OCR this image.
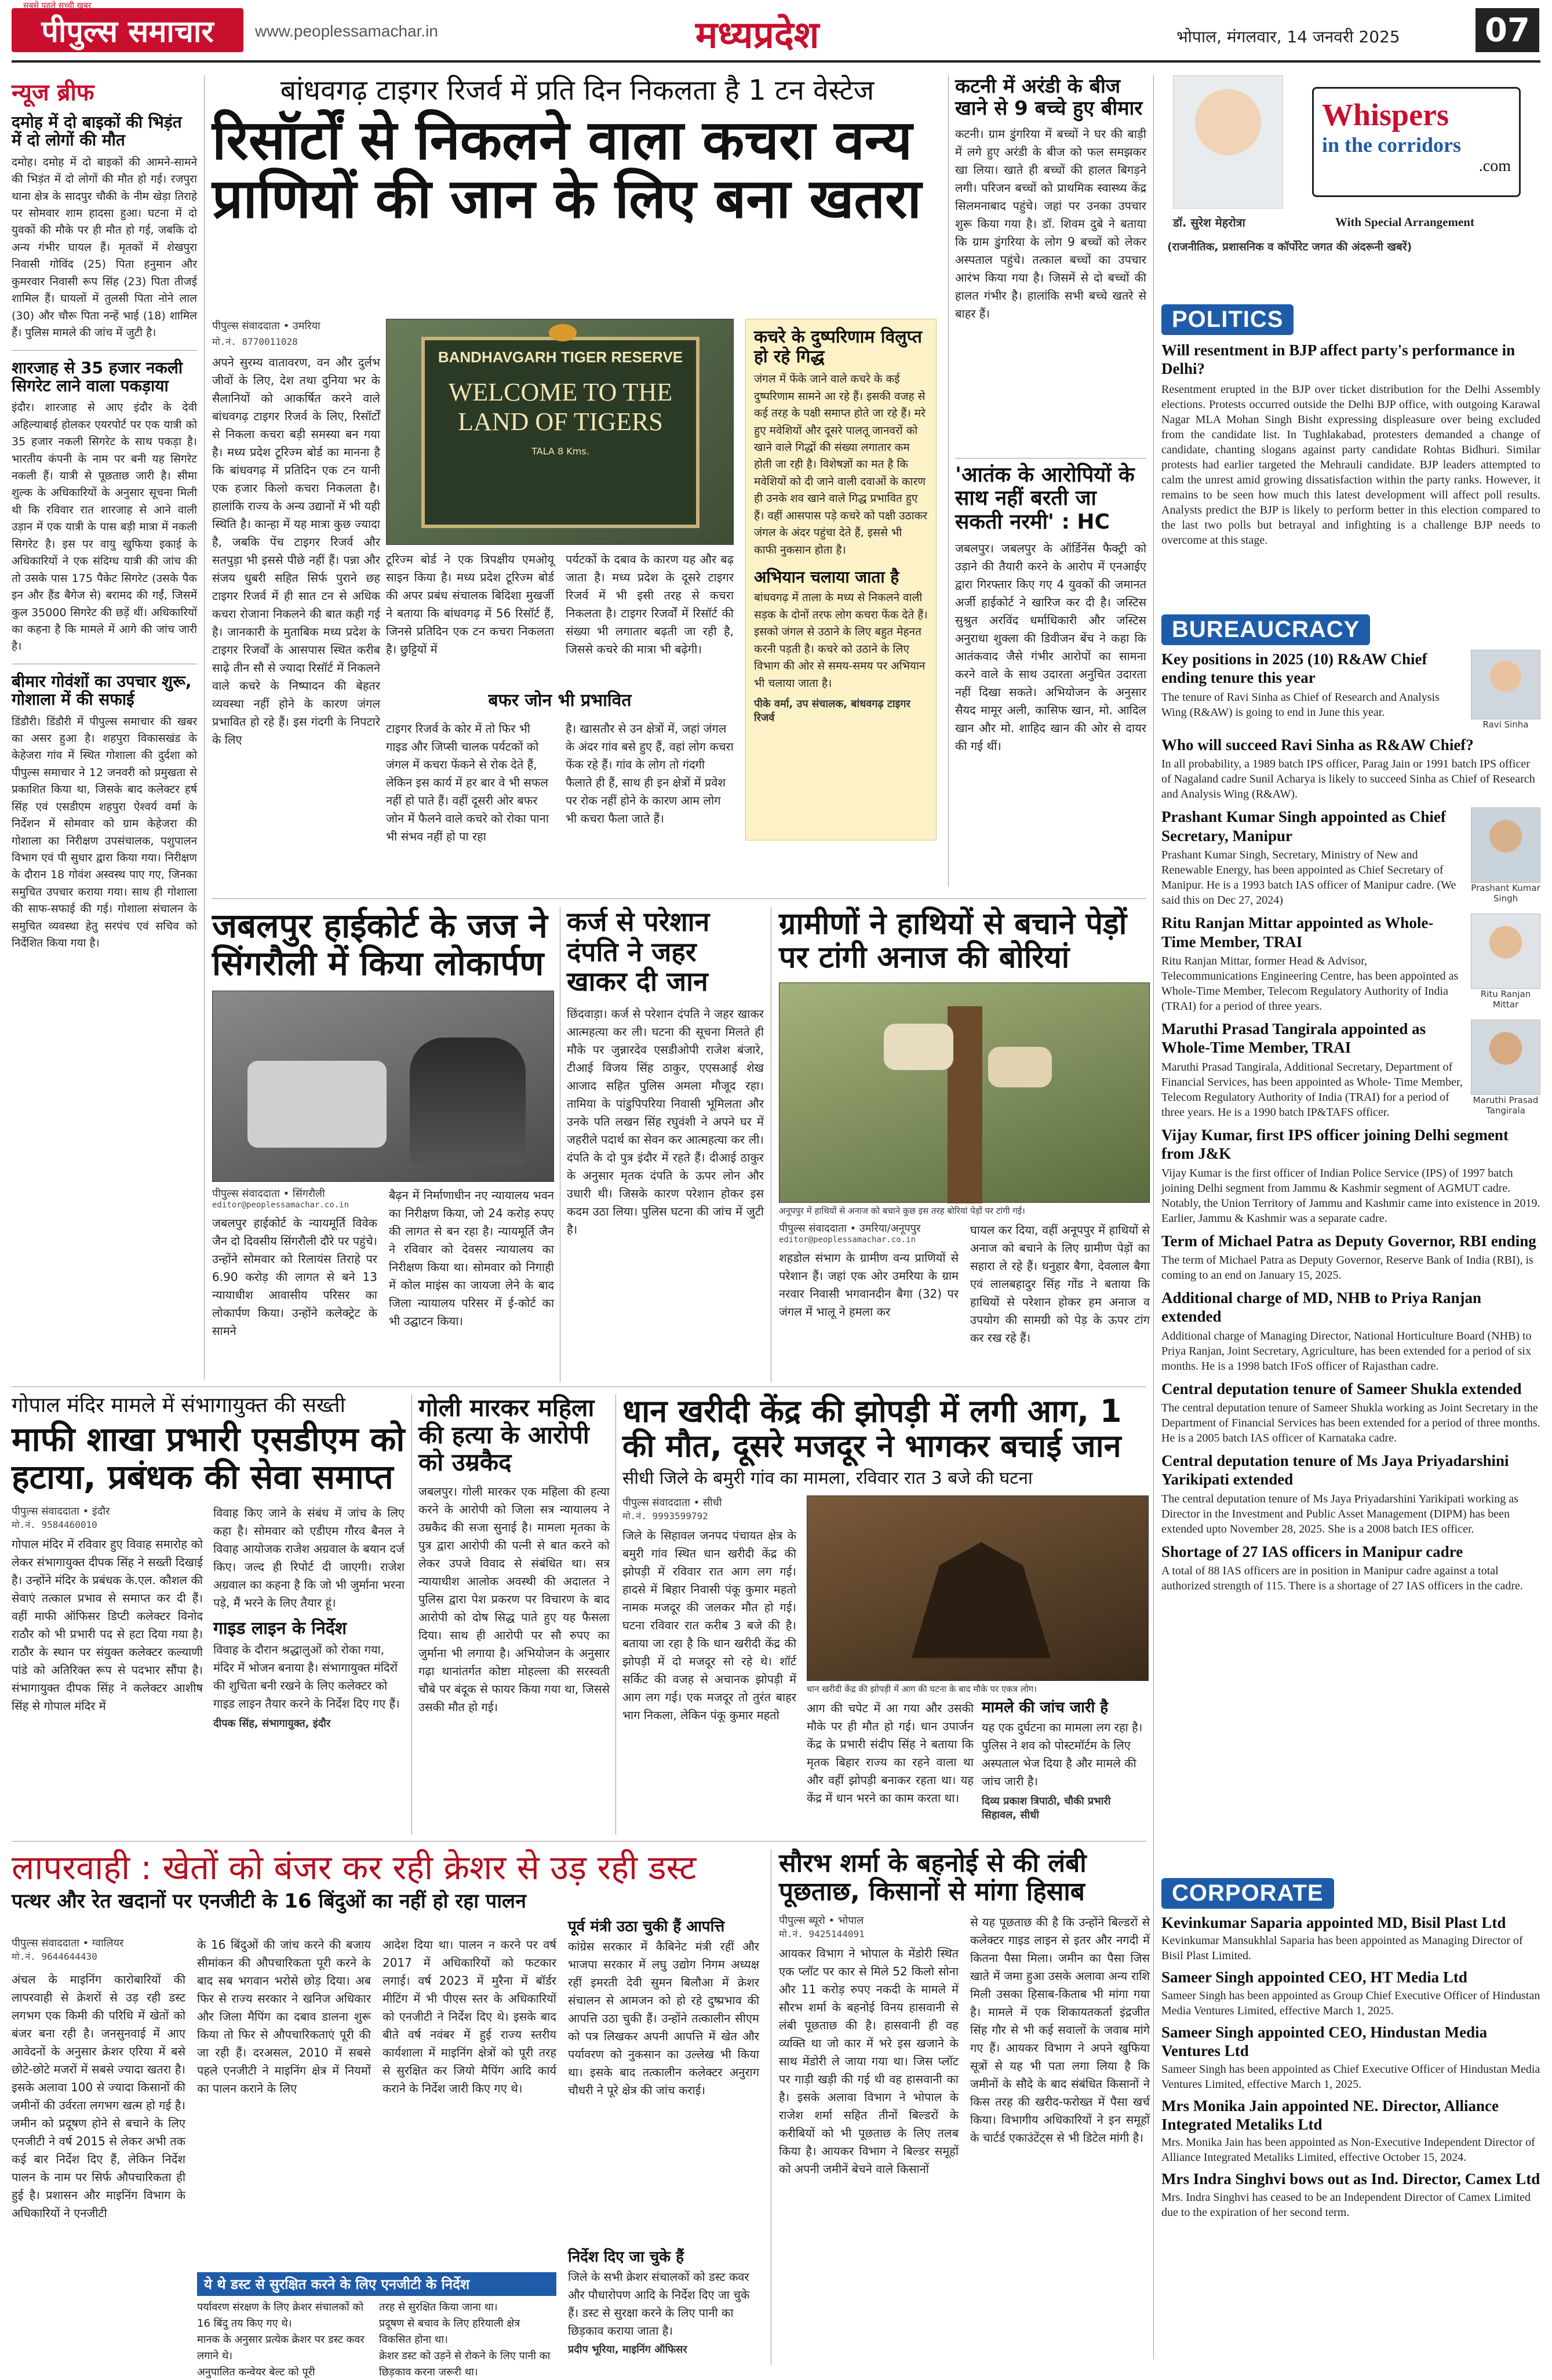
पीपुल्स समाचार
सबसे पहले सच्ची खबर
www.peoplessamachar.in	मध्यप्रदेश	भोपाल, मंगलवार, 14 जनवरी 2025	07
न्यूज ब्रीफ
दमोह में दो बाइकों की भिड़ंत में दो लोगों की मौत
दमोह। दमोह में दो बाइकों की आमने-सामने की भिड़ंत में दो लोगों की मौत हो गई। रजपुरा थाना क्षेत्र के सादपुर चौकी के नीम खेड़ा तिराहे पर सोमवार शाम हादसा हुआ। घटना में दो युवकों की मौके पर ही मौत हो गई, जबकि दो अन्य गंभीर घायल हैं। मृतकों में शेखपुरा निवासी गोविंद (25) पिता हनुमान और कुमरवार निवासी रूप सिंह (23) पिता तीजई शामिल हैं। घायलों में तुलसी पिता नोने लाल (30) और चौरू पिता नन्हें भाई (18) शामिल हैं। पुलिस मामले की जांच में जुटी है।
शारजाह से 35 हजार नकली सिगरेट लाने वाला पकड़ाया
इंदौर। शारजाह से आए इंदौर के देवी अहिल्याबाई होलकर एयरपोर्ट पर एक यात्री को 35 हजार नकली सिगरेट के साथ पकड़ा है। भारतीय कंपनी के नाम पर बनी यह सिगरेट नकली हैं। यात्री से पूछताछ जारी है। सीमा शुल्क के अधिकारियों के अनुसार सूचना मिली थी कि रविवार रात शारजाह से आने वाली उड़ान में एक यात्री के पास बड़ी मात्रा में नकली सिगरेट है। इस पर वायु खुफिया इकाई के अधिकारियों ने एक संदिग्ध यात्री की जांच की तो उसके पास 175 पैकेट सिगरेट (उसके पैक इन और हैंड बैगेज से) बरामद की गईं, जिसमें कुल 35000 सिगरेट की छड़ें थीं। अधिकारियों का कहना है कि मामले में आगे की जांच जारी है।
बीमार गोवंशों का उपचार शुरू, गोशाला में की सफाई
डिंडौरी। डिंडौरी में पीपुल्स समाचार की खबर का असर हुआ है। शहपुरा विकासखंड के केहेजरा गांव में स्थित गोशाला की दुर्दशा को पीपुल्स समाचार ने 12 जनवरी को प्रमुखता से प्रकाशित किया था, जिसके बाद कलेक्टर हर्ष सिंह एवं एसडीएम शहपुरा ऐश्वर्य वर्मा के निर्देशन में सोमवार को ग्राम केहेजरा की गोशाला का निरीक्षण उपसंचालक, पशुपालन विभाग एवं पी सुधार द्वारा किया गया। निरीक्षण के दौरान 18 गोवंश अस्वस्थ पाए गए, जिनका समुचित उपचार कराया गया। साथ ही गोशाला की साफ-सफाई की गई। गोशाला संचालन के समुचित व्यवस्था हेतु सरपंच एवं सचिव को निर्देशित किया गया है।
बांधवगढ़ टाइगर रिजर्व में प्रति दिन निकलता है 1 टन वेस्टेज
रिसॉर्टों से निकलने वाला कचरा वन्य प्राणियों की जान के लिए बना खतरा
पीपुल्स संवाददाता • उमरिया
मो.नं. 8770011028
अपने सुरम्य वातावरण, वन और दुर्लभ जीवों के लिए, देश तथा दुनिया भर के सैलानियों को आकर्षित करने वाले बांधवगढ़ टाइगर रिजर्व के लिए, रिसॉर्टों से निकला कचरा बड़ी समस्या बन गया है। मध्य प्रदेश टूरिज्म बोर्ड का मानना है कि बांधवगढ़ में प्रतिदिन एक टन यानी एक हजार किलो कचरा निकलता है। हालांकि राज्य के अन्य उद्यानों में भी यही स्थिति है। कान्हा में यह मात्रा कुछ ज्यादा है, जबकि पेंच टाइगर रिजर्व और सतपुड़ा भी इससे पीछे नहीं हैं। पन्ना और संजय धुबरी सहित सिर्फ पुराने छह टाइगर रिजर्व में ही सात टन से अधिक कचरा रोजाना निकलने की बात कही गई है। जानकारी के मुताबिक मध्य प्रदेश के टाइगर रिजर्वों के आसपास स्थित करीब साढ़े तीन सौ से ज्यादा रिसॉर्ट में निकलने वाले कचरे के निष्पादन की बेहतर व्यवस्था नहीं होने के कारण जंगल प्रभावित हो रहे हैं। इस गंदगी के निपटारे के लिए
BANDHAVGARH TIGER RESERVE
WELCOME TO THE LAND OF TIGERS
TALA 8 Kms.
टूरिज्म बोर्ड ने एक त्रिपक्षीय एमओयू साइन किया है। मध्य प्रदेश टूरिज्म बोर्ड की अपर प्रबंध संचालक बिदिशा मुखर्जी ने बताया कि बांधवगढ़ में 56 रिसॉर्ट हैं, जिनसे प्रतिदिन एक टन कचरा निकलता है। छुट्टियों में
पर्यटकों के दबाव के कारण यह और बढ़ जाता है। मध्य प्रदेश के दूसरे टाइगर रिजर्व में भी इसी तरह से कचरा निकलता है। टाइगर रिजर्वों में रिसॉर्ट की संख्या भी लगातार बढ़ती जा रही है, जिससे कचरे की मात्रा भी बढ़ेगी।
बफर जोन भी प्रभावित
टाइगर रिजर्व के कोर में तो फिर भी गाइड और जिप्सी चालक पर्यटकों को जंगल में कचरा फेंकने से रोक देते हैं, लेकिन इस कार्य में हर बार वे भी सफल नहीं हो पाते हैं। वहीं दूसरी ओर बफर जोन में फैलने वाले कचरे को रोका पाना भी संभव नहीं हो पा रहा
है। खासतौर से उन क्षेत्रों में, जहां जंगल के अंदर गांव बसे हुए हैं, वहां लोग कचरा फेंक रहे हैं। गांव के लोग तो गंदगी फैलाते ही हैं, साथ ही इन क्षेत्रों में प्रवेश पर रोक नहीं होने के कारण आम लोग भी कचरा फैला जाते हैं।
कचरे के दुष्परिणाम विलुप्त हो रहे गिद्ध
जंगल में फेंके जाने वाले कचरे के कई दुष्परिणाम सामने आ रहे हैं। इसकी वजह से कई तरह के पक्षी समाप्त होते जा रहे हैं। मरे हुए मवेशियों और दूसरे पालतू जानवरों को खाने वाले गिद्धों की संख्या लगातार कम होती जा रही है। विशेषज्ञों का मत है कि मवेशियों को दी जाने वाली दवाओं के कारण ही उनके शव खाने वाले गिद्ध प्रभावित हुए हैं। वहीं आसपास पड़े कचरे को पक्षी उठाकर जंगल के अंदर पहुंचा देते हैं, इससे भी काफी नुकसान होता है।
अभियान चलाया जाता है
बांधवगढ़ में ताला के मध्य से निकलने वाली सड़क के दोनों तरफ लोग कचरा फेंक देते हैं। इसको जंगल से उठाने के लिए बहुत मेहनत करनी पड़ती है। कचरे को उठाने के लिए विभाग की ओर से समय-समय पर अभियान भी चलाया जाता है।
पीके वर्मा, उप संचालक, बांधवगढ़ टाइगर रिजर्व
कटनी में अरंडी के बीज खाने से 9 बच्चे हुए बीमार
कटनी। ग्राम डुंगरिया में बच्चों ने घर की बाड़ी में लगे हुए अरंडी के बीज को फल समझकर खा लिया। खाते ही बच्चों की हालत बिगड़ने लगी। परिजन बच्चों को प्राथमिक स्वास्थ्य केंद्र सिलमनाबाद पहुंचे। जहां पर उनका उपचार शुरू किया गया है। डॉ. शिवम दुबे ने बताया कि ग्राम डुंगरिया के लोग 9 बच्चों को लेकर अस्पताल पहुंचे। तत्काल बच्चों का उपचार आरंभ किया गया है। जिसमें से दो बच्चों की हालत गंभीर है। हालांकि सभी बच्चे खतरे से बाहर हैं।
'आतंक के आरोपियों के साथ नहीं बरती जा सकती नरमी' : HC
जबलपुर। जबलपुर के ऑर्डिनेंस फैक्ट्री को उड़ाने की तैयारी करने के आरोप में एनआईए द्वारा गिरफ्तार किए गए 4 युवकों की जमानत अर्जी हाईकोर्ट ने खारिज कर दी है। जस्टिस सुश्रुत अरविंद धर्माधिकारी और जस्टिस अनुराधा शुक्ला की डिवीजन बेंच ने कहा कि आतंकवाद जैसे गंभीर आरोपों का सामना करने वाले के साथ उदारता अनुचित उदारता नहीं दिखा सकते। अभियोजन के अनुसार सैयद मामूर अली, कासिफ खान, मो. आदिल खान और मो. शाहिद खान की ओर से दायर की गई थीं।
Whispers
in the corridors
.com
डॉ. सुरेश मेहरोत्रा	With Special Arrangement
(राजनीतिक, प्रशासनिक व कॉर्पोरेट जगत की अंदरूनी खबरें)
POLITICS
Will resentment in BJP affect party's performance in Delhi?
Resentment erupted in the BJP over ticket distribution for the Delhi Assembly elections. Protests occurred outside the Delhi BJP office, with outgoing Karawal Nagar MLA Mohan Singh Bisht expressing displeasure over being excluded from the candidate list. In Tughlakabad, protesters demanded a change of candidate, chanting slogans against party candidate Rohtas Bidhuri. Similar protests had earlier targeted the Mehrauli candidate. BJP leaders attempted to calm the unrest amid growing dissatisfaction within the party ranks. However, it remains to be seen how much this latest development will affect poll results. Analysts predict the BJP is likely to perform better in this election compared to the last two polls but betrayal and infighting is a challenge BJP needs to overcome at this stage.
BUREAUCRACY
Key positions in 2025 (10) R&AW Chief ending tenure this year
The tenure of Ravi Sinha as Chief of Research and Analysis Wing (R&AW) is going to end in June this year.
Ravi Sinha
Who will succeed Ravi Sinha as R&AW Chief?
In all probability, a 1989 batch IPS officer, Parag Jain or 1991 batch IPS officer of Nagaland cadre Sunil Acharya is likely to succeed Sinha as Chief of Research and Analysis Wing (R&AW).
Prashant Kumar Singh appointed as Chief Secretary, Manipur
Prashant Kumar Singh, Secretary, Ministry of New and Renewable Energy, has been appointed as Chief Secretary of Manipur. He is a 1993 batch IAS officer of Manipur cadre. (We said this on Dec 27, 2024)
Prashant Kumar Singh
Ritu Ranjan Mittar appointed as Whole-Time Member, TRAI
Ritu Ranjan Mittar, former Head & Advisor, Telecommunications Engineering Centre, has been appointed as Whole-Time Member, Telecom Regulatory Authority of India (TRAI) for a period of three years.
Ritu Ranjan Mittar
Maruthi Prasad Tangirala appointed as Whole-Time Member, TRAI
Maruthi Prasad Tangirala, Additional Secretary, Department of Financial Services, has been appointed as Whole- Time Member, Telecom Regulatory Authority of India (TRAI) for a period of three years. He is a 1990 batch IP&TAFS officer.
Maruthi Prasad Tangirala
Vijay Kumar, first IPS officer joining Delhi segment from J&K
Vijay Kumar is the first officer of Indian Police Service (IPS) of 1997 batch joining Delhi segment from Jammu & Kashmir segment of AGMUT cadre. Notably, the Union Territory of Jammu and Kashmir came into existence in 2019. Earlier, Jammu & Kashmir was a separate cadre.
Term of Michael Patra as Deputy Governor, RBI ending
The term of Michael Patra as Deputy Governor, Reserve Bank of India (RBI), is coming to an end on January 15, 2025.
Additional charge of MD, NHB to Priya Ranjan extended
Additional charge of Managing Director, National Horticulture Board (NHB) to Priya Ranjan, Joint Secretary, Agriculture, has been extended for a period of six months. He is a 1998 batch IFoS officer of Rajasthan cadre.
Central deputation tenure of Sameer Shukla extended
The central deputation tenure of Sameer Shukla working as Joint Secretary in the Department of Financial Services has been extended for a period of three months. He is a 2005 batch IAS officer of Karnataka cadre.
Central deputation tenure of Ms Jaya Priyadarshini Yarikipati extended
The central deputation tenure of Ms Jaya Priyadarshini Yarikipati working as Director in the Investment and Public Asset Management (DIPM) has been extended upto November 28, 2025. She is a 2008 batch IES officer.
Shortage of 27 IAS officers in Manipur cadre
A total of 88 IAS officers are in position in Manipur cadre against a total authorized strength of 115. There is a shortage of 27 IAS officers in the cadre.
CORPORATE
Kevinkumar Saparia appointed MD, Bisil Plast Ltd
Kevinkumar Mansukhlal Saparia has been appointed as Managing Director of Bisil Plast Limited.
Sameer Singh appointed CEO, HT Media Ltd
Sameer Singh has been appointed as Group Chief Executive Officer of Hindustan Media Ventures Limited, effective March 1, 2025.
Sameer Singh appointed CEO, Hindustan Media Ventures Ltd
Sameer Singh has been appointed as Chief Executive Officer of Hindustan Media Ventures Limited, effective March 1, 2025.
Mrs Monika Jain appointed NE. Director, Alliance Integrated Metaliks Ltd
Mrs. Monika Jain has been appointed as Non-Executive Independent Director of Alliance Integrated Metaliks Limited, effective October 15, 2024.
Mrs Indra Singhvi bows out as Ind. Director, Camex Ltd
Mrs. Indra Singhvi has ceased to be an Independent Director of Camex Limited due to the expiration of her second term.
जबलपुर हाईकोर्ट के जज ने सिंगरौली में किया लोकार्पण
पीपुल्स संवाददाता • सिंगरौली
editor@peoplessamachar.co.in
जबलपुर हाईकोर्ट के न्यायमूर्ति विवेक जैन दो दिवसीय सिंगरौली दौरे पर पहुंचे। उन्होंने सोमवार को रिलायंस तिराहे पर 6.90 करोड़ की लागत से बने 13 न्यायाधीश आवासीय परिसर का लोकार्पण किया। उन्होंने कलेक्ट्रेट के सामने
बैढ़न में निर्माणाधीन नए न्यायालय भवन का निरीक्षण किया, जो 24 करोड़ रुपए की लागत से बन रहा है। न्यायमूर्ति जैन ने रविवार को देवसर न्यायालय का निरीक्षण किया था। सोमवार को निगाही में कोल माइंस का जायजा लेने के बाद जिला न्यायालय परिसर में ई-कोर्ट का भी उद्घाटन किया।
कर्ज से परेशान दंपति ने जहर खाकर दी जान
छिंदवाड़ा। कर्ज से परेशान दंपति ने जहर खाकर आत्महत्या कर ली। घटना की सूचना मिलते ही मौके पर जुन्नारदेव एसडीओपी राजेश बंजारे, टीआई विजय सिंह ठाकुर, एएसआई शेख आजाद सहित पुलिस अमला मौजूद रहा। तामिया के पांडुपिपरिया निवासी भूमिलता और उनके पति लखन सिंह रघुवंशी ने अपने घर में जहरीले पदार्थ का सेवन कर आत्महत्या कर ली। दंपति के दो पुत्र इंदौर में रहते हैं। दीआई ठाकुर के अनुसार मृतक दंपति के ऊपर लोन और उधारी थी। जिसके कारण परेशान होकर इस कदम उठा लिया। पुलिस घटना की जांच में जुटी है।
ग्रामीणों ने हाथियों से बचाने पेड़ों पर टांगी अनाज की बोरियां
अनूपपुर में हाथियों से अनाज को बचाने कुछ इस तरह बोरियां पेड़ों पर टांगी गई।
पीपुल्स संवाददाता • उमरिया/अनूपपुर
editor@peoplessamachar.co.in
शहडोल संभाग के ग्रामीण वन्य प्राणियों से परेशान हैं। जहां एक ओर उमरिया के ग्राम नरवार निवासी भगवानदीन बैगा (32) पर जंगल में भालू ने हमला कर
घायल कर दिया, वहीं अनूपपुर में हाथियों से अनाज को बचाने के लिए ग्रामीण पेड़ों का सहारा ले रहे हैं। धनुहार बैगा, देवलाल बैगा एवं लालबहादुर सिंह गोंड ने बताया कि हाथियों से परेशान होकर हम अनाज व उपयोग की सामग्री को पेड़ के ऊपर टांग कर रख रहे हैं।
गोपाल मंदिर मामले में संभागायुक्त की सख्ती
माफी शाखा प्रभारी एसडीएम को हटाया, प्रबंधक की सेवा समाप्त
पीपुल्स संवाददाता • इंदौर
मो.नं. 9584460010
गोपाल मंदिर में रविवार हुए विवाह समारोह को लेकर संभागायुक्त दीपक सिंह ने सख्ती दिखाई है। उन्होंने मंदिर के प्रबंधक के.एल. कौशल की सेवाएं तत्काल प्रभाव से समाप्त कर दी हैं। वहीं माफी ऑफिसर डिप्टी कलेक्टर विनोद राठौर को भी प्रभारी पद से हटा दिया गया है। राठौर के स्थान पर संयुक्त कलेक्टर कल्याणी पांडे को अतिरिक्त रूप से पदभार सौंपा है। संभागायुक्त दीपक सिंह ने कलेक्टर आशीष सिंह से गोपाल मंदिर में
विवाह किए जाने के संबंध में जांच के लिए कहा है। सोमवार को एडीएम गौरव बैनल ने विवाह आयोजक राजेश अग्रवाल के बयान दर्ज किए। जल्द ही रिपोर्ट दी जाएगी। राजेश अग्रवाल का कहना है कि जो भी जुर्माना भरना पड़े, मैं भरने के लिए तैयार हूं।
गाइड लाइन के निर्देश
विवाह के दौरान श्रद्धालुओं को रोका गया, मंदिर में भोजन बनाया है। संभागायुक्त मंदिरों की शुचिता बनी रखने के लिए कलेक्टर को गाइड लाइन तैयार करने के निर्देश दिए गए हैं।
दीपक सिंह, संभागायुक्त, इंदौर
गोली मारकर महिला की हत्या के आरोपी को उम्रकैद
जबलपुर। गोली मारकर एक महिला की हत्या करने के आरोपी को जिला सत्र न्यायालय ने उम्रकैद की सजा सुनाई है। मामला मृतका के पुत्र द्वारा आरोपी की पत्नी से बात करने को लेकर उपजे विवाद से संबंधित था। सत्र न्यायाधीश आलोक अवस्थी की अदालत ने पुलिस द्वारा पेश प्रकरण पर विचारण के बाद आरोपी को दोष सिद्ध पाते हुए यह फैसला दिया। साथ ही आरोपी पर सौ रुपए का जुर्माना भी लगाया है। अभियोजन के अनुसार गढ़ा थानांतर्गत कोष्टा मोहल्ला की सरस्वती चौबे पर बंदूक से फायर किया गया था, जिससे उसकी मौत हो गई।
धान खरीदी केंद्र की झोपड़ी में लगी आग, 1 की मौत, दूसरे मजदूर ने भागकर बचाई जान
सीधी जिले के बमुरी गांव का मामला, रविवार रात 3 बजे की घटना
पीपुल्स संवाददाता • सीधी
मो.नं. 9993599792
जिले के सिहावल जनपद पंचायत क्षेत्र के बमुरी गांव स्थित धान खरीदी केंद्र की झोपड़ी में रविवार रात आग लग गई। हादसे में बिहार निवासी पंकू कुमार महतो नामक मजदूर की जलकर मौत हो गई। घटना रविवार रात करीब 3 बजे की है। बताया जा रहा है कि धान खरीदी केंद्र की झोपड़ी में दो मजदूर सो रहे थे। शॉर्ट सर्किट की वजह से अचानक झोपड़ी में आग लग गई। एक मजदूर तो तुरंत बाहर भाग निकला, लेकिन पंकू कुमार महतो
धान खरीदी केंद्र की झोपड़ी में आग की घटना के बाद मौके पर एकत्र लोग।
आग की चपेट में आ गया और उसकी मौके पर ही मौत हो गई। धान उपार्जन केंद्र के प्रभारी संदीप सिंह ने बताया कि मृतक बिहार राज्य का रहने वाला था और वहीं झोपड़ी बनाकर रहता था। यह केंद्र में धान भरने का काम करता था।
मामले की जांच जारी है
यह एक दुर्घटना का मामला लग रहा है। पुलिस ने शव को पोस्टमॉर्टम के लिए अस्पताल भेज दिया है और मामले की जांच जारी है।
दिव्य प्रकाश त्रिपाठी, चौकी प्रभारी सिहावल, सीधी
लापरवाही : खेतों को बंजर कर रही क्रेशर से उड़ रही डस्ट
पत्थर और रेत खदानों पर एनजीटी के 16 बिंदुओं का नहीं हो रहा पालन
पीपुल्स संवाददाता • ग्वालियर
मो.नं. 9644644430
अंचल के माइनिंग कारोबारियों की लापरवाही से क्रेशरों से उड़ रही डस्ट लगभग एक किमी की परिधि में खेतों को बंजर बना रही है। जनसुनवाई में आए आवेदनों के अनुसार क्रेशर एरिया में बसे छोटे-छोटे मजरों में सबसे ज्यादा खतरा है। इसके अलावा 100 से ज्यादा किसानों की जमीनों की उर्वरता लगभग खत्म हो गई है। जमीन को प्रदूषण होने से बचाने के लिए एनजीटी ने वर्ष 2015 से लेकर अभी तक कई बार निर्देश दिए हैं, लेकिन निर्देश पालन के नाम पर सिर्फ औपचारिकता ही हुई है। प्रशासन और माइनिंग विभाग के अधिकारियों ने एनजीटी
के 16 बिंदुओं की जांच करने की बजाय सीमांकन की औपचारिकता पूरी करने के बाद सब भगवान भरोसे छोड़ दिया। अब फिर से राज्य सरकार ने खनिज अधिकार और जिला मैपिंग का दबाव डालना शुरू किया तो फिर से औपचारिकताएं पूरी की जा रही हैं। दरअसल, 2010 में सबसे पहले एनजीटी ने माइनिंग क्षेत्र में नियमों का पालन कराने के लिए
आदेश दिया था। पालन न करने पर वर्ष 2017 में अधिकारियों को फटकार लगाई। वर्ष 2023 में मुरैना में बॉर्डर मीटिंग में भी पीएस स्तर के अधिकारियों को एनजीटी ने निर्देश दिए थे। इसके बाद बीते वर्ष नवंबर में हुई राज्य स्तरीय कार्यशाला में माइनिंग क्षेत्रों को पूरी तरह से सुरक्षित कर जियो मैपिंग आदि कार्य कराने के निर्देश जारी किए गए थे।
पूर्व मंत्री उठा चुकी हैं आपत्ति
कांग्रेस सरकार में कैबिनेट मंत्री रहीं और भाजपा सरकार में लघु उद्योग निगम अध्यक्ष रहीं इमरती देवी सुमन बिलौआ में क्रेशर संचालन से आमजन को हो रहे दुष्प्रभाव की आपत्ति उठा चुकी हैं। उन्होंने तत्कालीन सीएम को पत्र लिखकर अपनी आपत्ति में खेत और पर्यावरण को नुकसान का उल्लेख भी किया था। इसके बाद तत्कालीन कलेक्टर अनुराग चौधरी ने पूरे क्षेत्र की जांच कराई।
ये थे डस्ट से सुरक्षित करने के लिए एनजीटी के निर्देश
पर्यावरण संरक्षण के लिए क्रेशर संचालकों को 16 बिंदु तय किए गए थे।
मानक के अनुसार प्रत्येक क्रेशर पर डस्ट कवर लगाने थे।
अनुपालित कन्वेयर बेल्ट को पूरी
तरह से सुरक्षित किया जाना था।
प्रदूषण से बचाव के लिए हरियाली क्षेत्र विकसित होना था।
क्रेशर डस्ट को उड़ने से रोकने के लिए पानी का छिड़काव करना जरूरी था।
निर्देश दिए जा चुके हैं
जिले के सभी क्रेशर संचालकों को डस्ट कवर और पौधारोपण आदि के निर्देश दिए जा चुके हैं। डस्ट से सुरक्षा करने के लिए पानी का छिड़काव कराया जाता है।
प्रदीप भूरिया, माइनिंग ऑफिसर
सौरभ शर्मा के बहनोई से की लंबी पूछताछ, किसानों से मांगा हिसाब
पीपुल्स ब्यूरो • भोपाल
मो.नं. 9425144091
आयकर विभाग ने भोपाल के मेंडोरी स्थित एक प्लॉट पर कार से मिले 52 किलो सोना और 11 करोड़ रुपए नकदी के मामले में सौरभ शर्मा के बहनोई विनय हासवानी से लंबी पूछताछ की है। हासवानी ही वह व्यक्ति था जो कार में भरे इस खजाने के साथ मेंडोरी ले जाया गया था। जिस प्लॉट पर गाड़ी खड़ी की गई थी वह हासवानी का है। इसके अलावा विभाग ने भोपाल के राजेश शर्मा सहित तीनों बिल्डरों के करीबियों को भी पूछताछ के लिए तलब किया है। आयकर विभाग ने बिल्डर समूहों को अपनी जमीनें बेचने वाले किसानों
से यह पूछताछ की है कि उन्होंने बिल्डरों से कलेक्टर गाइड लाइन से इतर और नगदी में कितना पैसा मिला। जमीन का पैसा जिस खाते में जमा हुआ उसके अलावा अन्य राशि मिली उसका हिसाब-किताब भी मांगा गया है। मामले में एक शिकायतकर्ता इंद्रजीत सिंह गौर से भी कई सवालों के जवाब मांगे गए हैं। आयकर विभाग ने अपने खुफिया सूत्रों से यह भी पता लगा लिया है कि जमीनों के सौदे के बाद संबंधित किसानों ने किस तरह की खरीद-फरोख्त में पैसा खर्च किया। विभागीय अधिकारियों ने इन समूहों के चार्टर्ड एकाउंटेंट्स से भी डिटेल मांगी है।
